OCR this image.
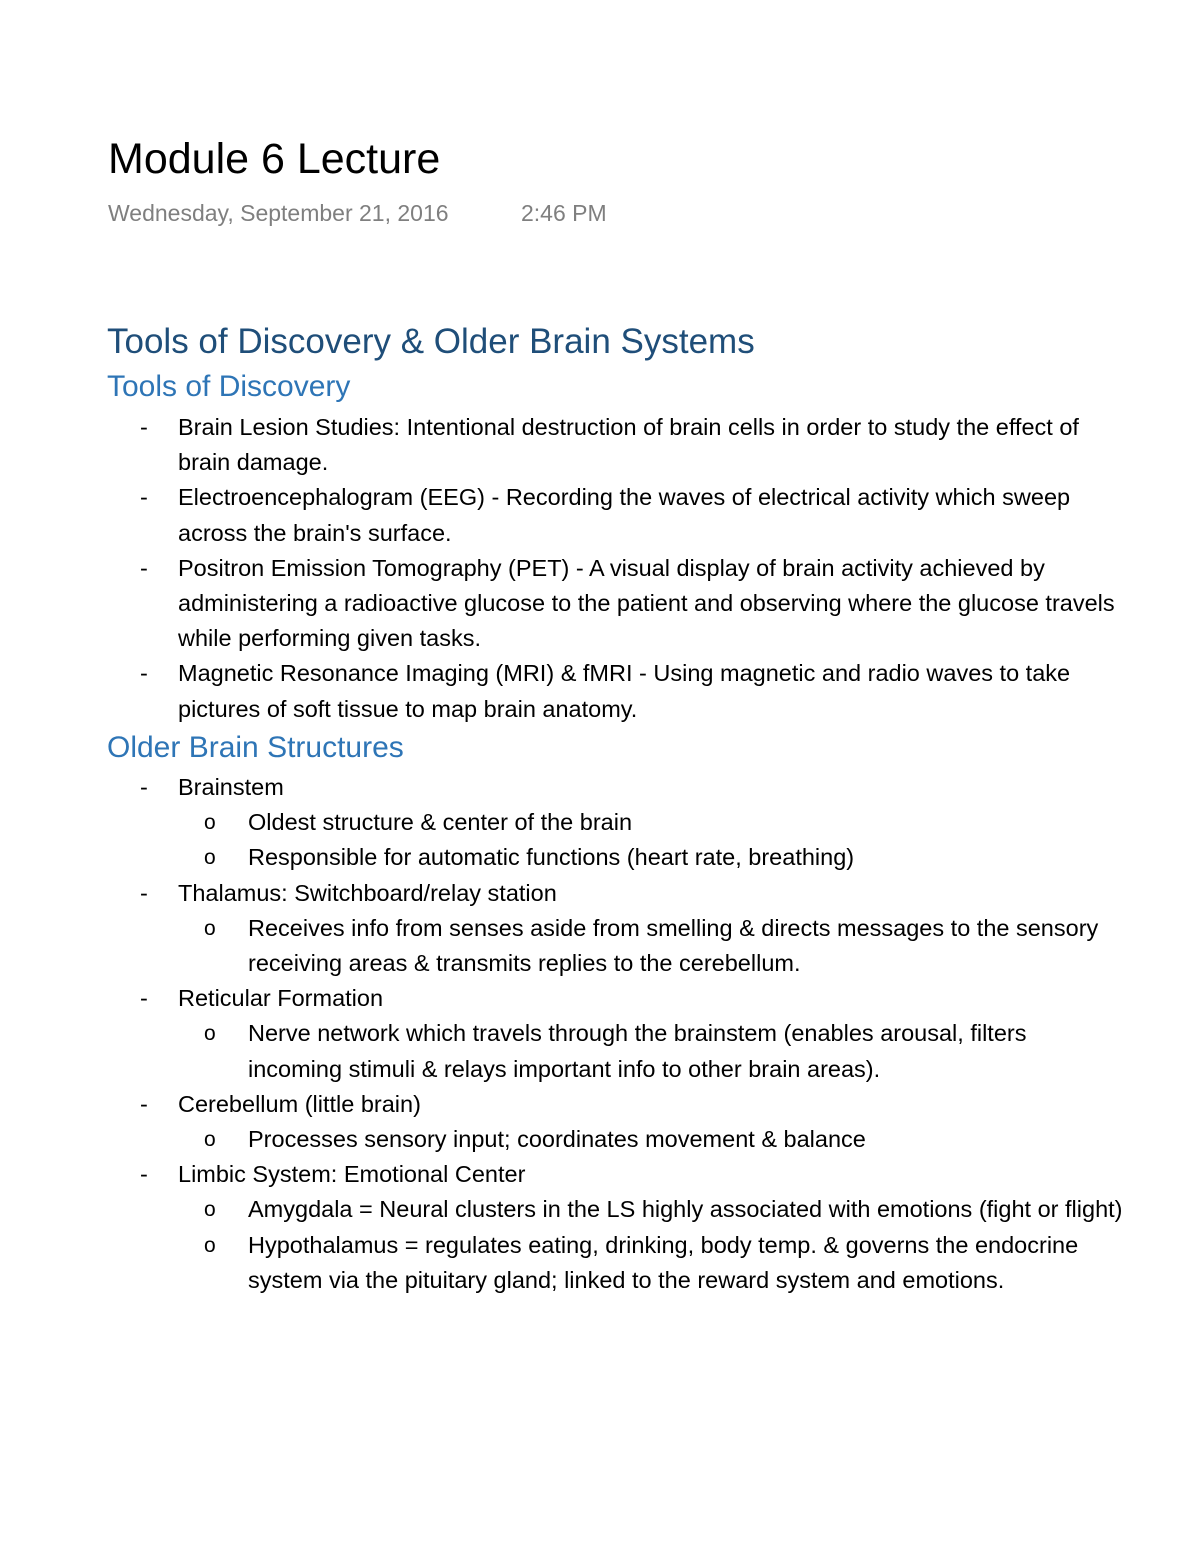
Module 6 Lecture
Wednesday, September 21, 2016	2:46 PM
Tools of Discovery & Older Brain Systems
Tools of Discovery
-	Brain Lesion Studies: Intentional destruction of brain cells in order to study the effect of brain damage.
-	Electroencephalogram (EEG) - Recording the waves of electrical activity which sweep across the brain's surface.
-	Positron Emission Tomography (PET) - A visual display of brain activity achieved by administering a radioactive glucose to the patient and observing where the glucose travels while performing given tasks.
-	Magnetic Resonance Imaging (MRI) & fMRI - Using magnetic and radio waves to take pictures of soft tissue to map brain anatomy.
Older Brain Structures
-	Brainstem
o	Oldest structure & center of the brain
o	Responsible for automatic functions (heart rate, breathing)
-	Thalamus: Switchboard/relay station
o	Receives info from senses aside from smelling & directs messages to the sensory receiving areas & transmits replies to the cerebellum.
-	Reticular Formation
o	Nerve network which travels through the brainstem (enables arousal, filters incoming stimuli & relays important info to other brain areas).
-	Cerebellum (little brain)
o	Processes sensory input; coordinates movement & balance
-	Limbic System: Emotional Center
o	Amygdala = Neural clusters in the LS highly associated with emotions (fight or flight)
o	Hypothalamus = regulates eating, drinking, body temp. & governs the endocrine system via the pituitary gland; linked to the reward system and emotions.
